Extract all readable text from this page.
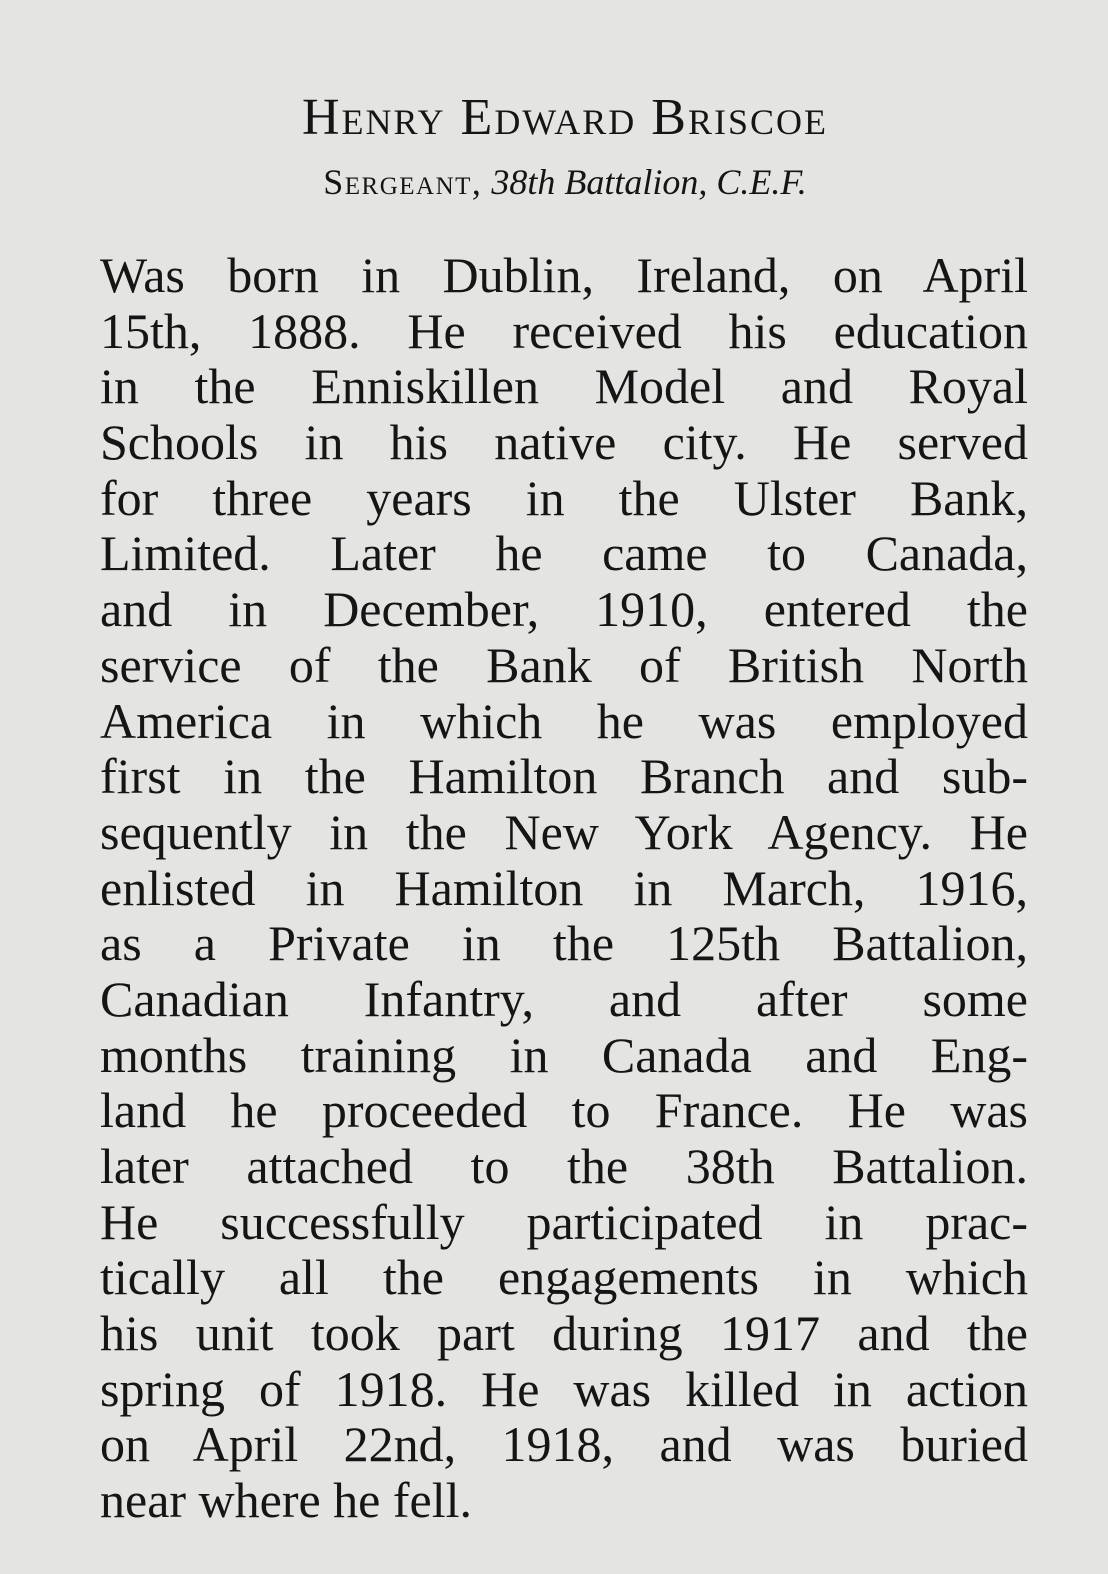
Henry Edward Briscoe
Sergeant, 38th Battalion, C.E.F.
Was born in Dublin, Ireland, on April
15th, 1888. He received his education
in the Enniskillen Model and Royal
Schools in his native city. He served
for three years in the Ulster Bank,
Limited. Later he came to Canada,
and in December, 1910, entered the
service of the Bank of British North
America in which he was employed
first in the Hamilton Branch and sub-
sequently in the New York Agency. He
enlisted in Hamilton in March, 1916,
as a Private in the 125th Battalion,
Canadian Infantry, and after some
months training in Canada and Eng-
land he proceeded to France. He was
later attached to the 38th Battalion.
He successfully participated in prac-
tically all the engagements in which
his unit took part during 1917 and the
spring of 1918. He was killed in action
on April 22nd, 1918, and was buried
near where he fell.
